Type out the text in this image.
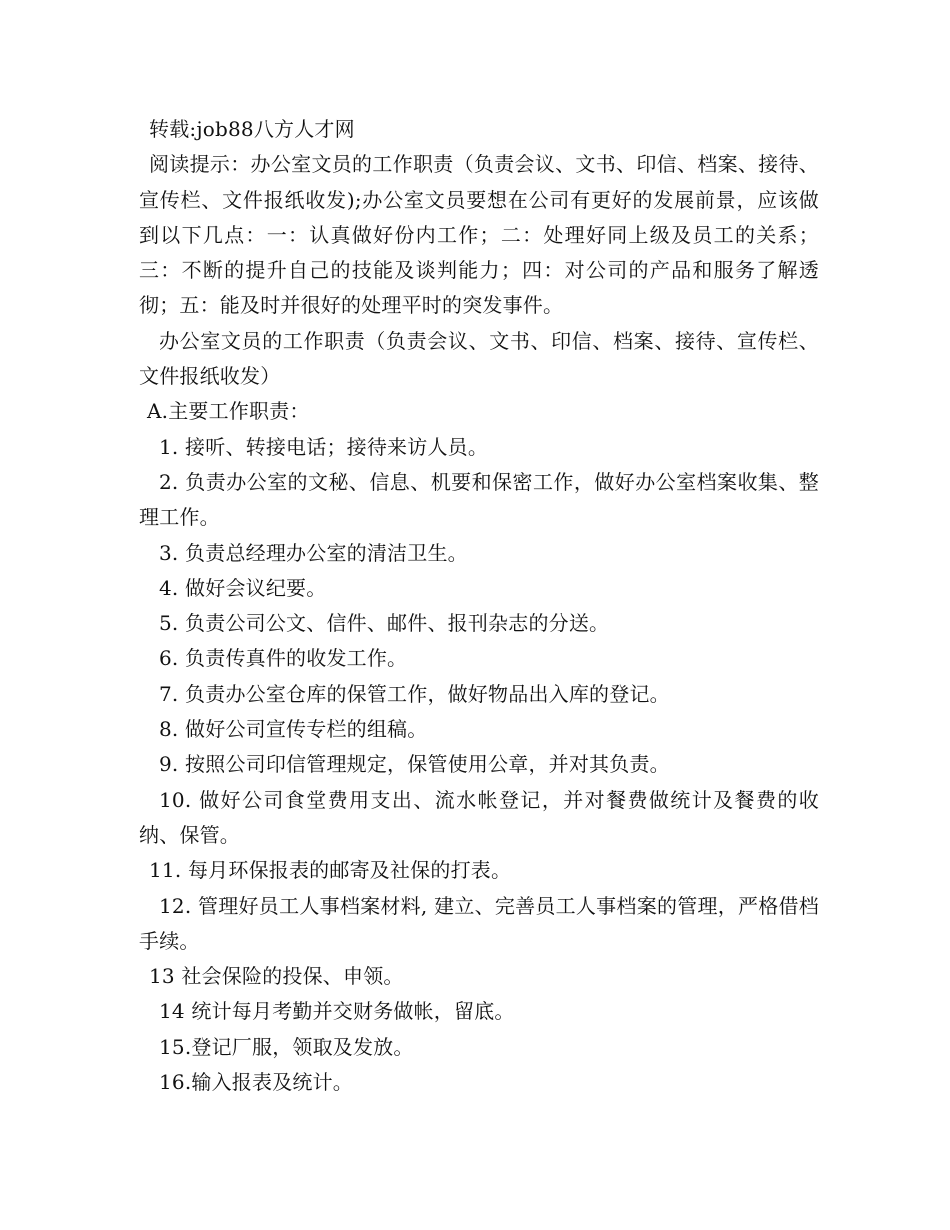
转载:job88八方人才网
阅读提示：办公室文员的工作职责（负责会议、文书、印信、档案、接待、宣传栏、文件报纸收发);办公室文员要想在公司有更好的发展前景，应该做到以下几点：一：认真做好份内工作；二：处理好同上级及员工的关系；三：不断的提升自己的技能及谈判能力；四：对公司的产品和服务了解透彻；五：能及时并很好的处理平时的突发事件。
办公室文员的工作职责（负责会议、文书、印信、档案、接待、宣传栏、文件报纸收发）
A.主要工作职责：
1. 接听、转接电话；接待来访人员。
2. 负责办公室的文秘、信息、机要和保密工作，做好办公室档案收集、整理工作。
3. 负责总经理办公室的清洁卫生。
4. 做好会议纪要。
5. 负责公司公文、信件、邮件、报刊杂志的分送。
6. 负责传真件的收发工作。
7. 负责办公室仓库的保管工作，做好物品出入库的登记。
8. 做好公司宣传专栏的组稿。
9. 按照公司印信管理规定，保管使用公章，并对其负责。
10. 做好公司食堂费用支出、流水帐登记，并对餐费做统计及餐费的收纳、保管。
11. 每月环保报表的邮寄及社保的打表。
12. 管理好员工人事档案材料, 建立、完善员工人事档案的管理，严格借档手续。
13 社会保险的投保、申领。
14 统计每月考勤并交财务做帐，留底。
15.登记厂服，领取及发放。
16.输入报表及统计。
